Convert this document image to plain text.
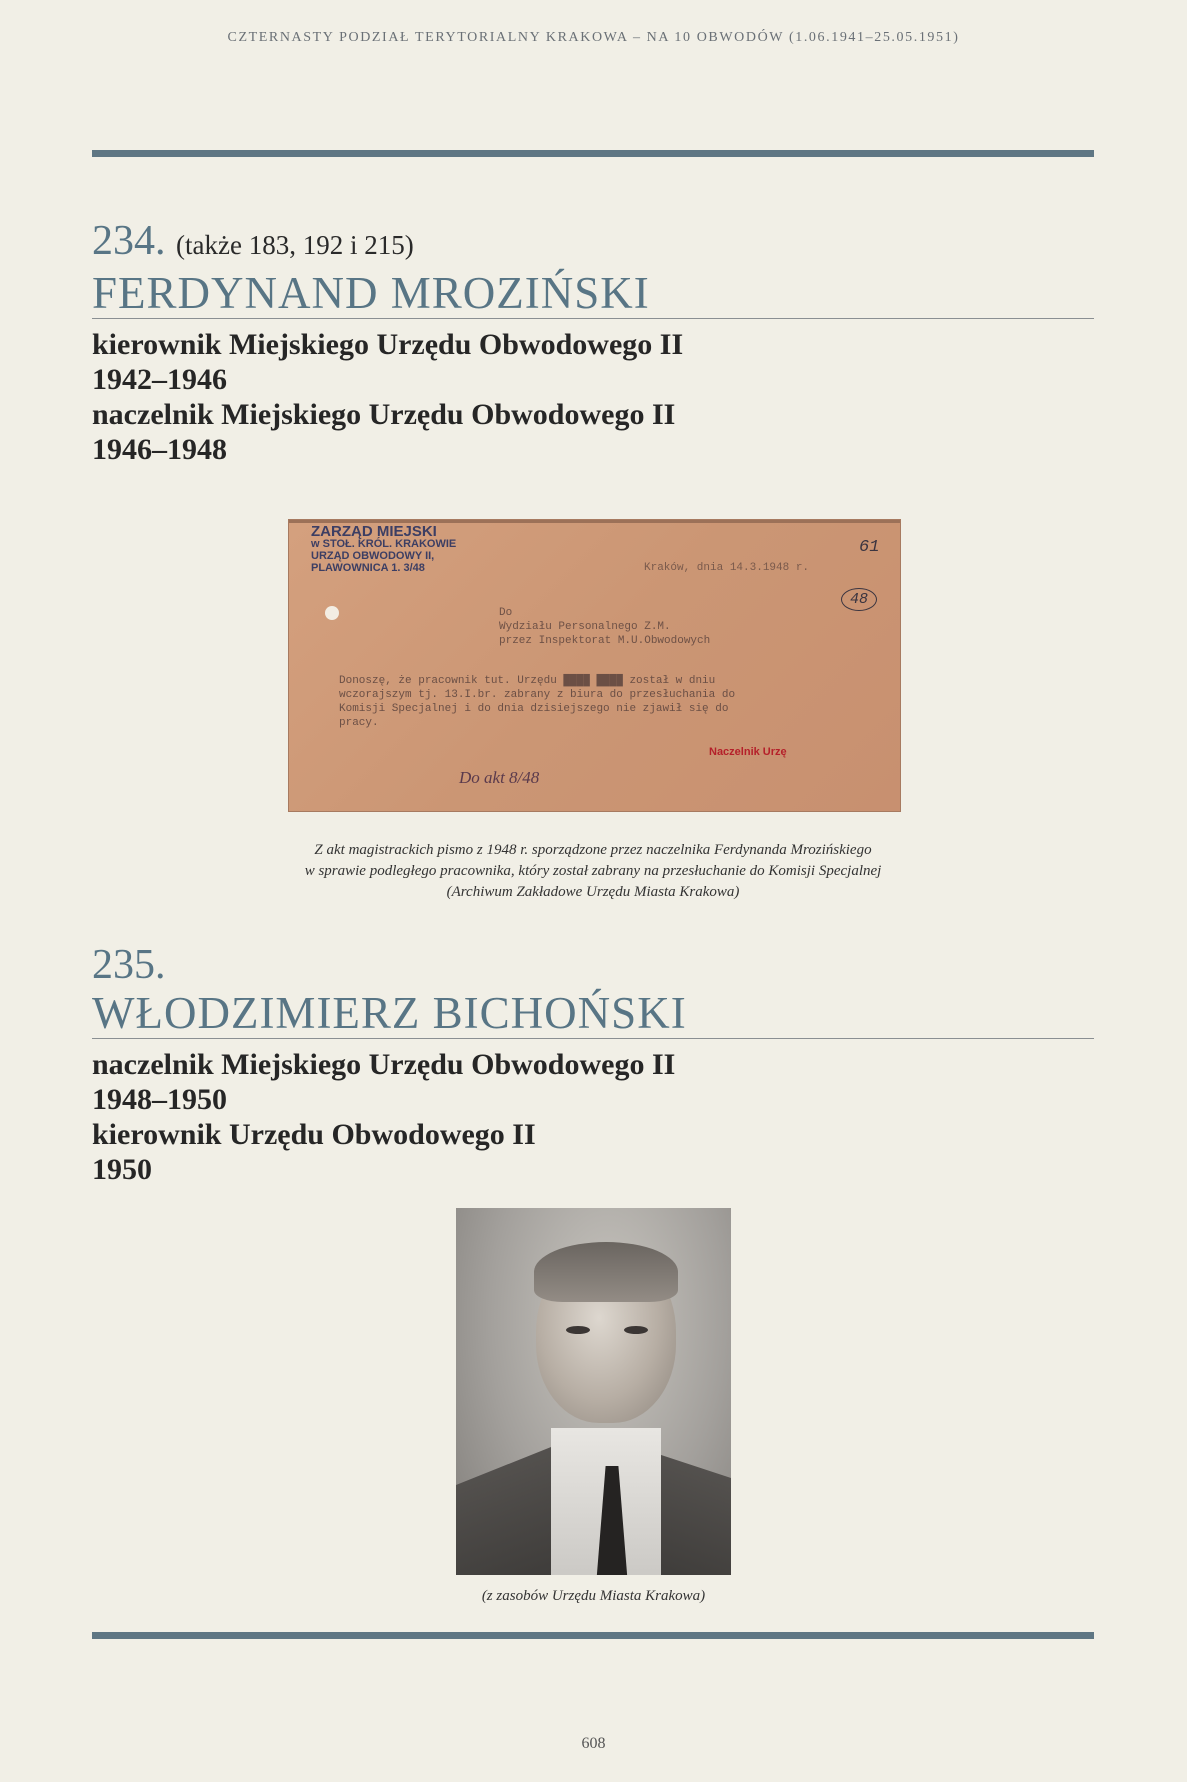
CZTERNASTY PODZIAŁ TERYTORIALNY KRAKOWA – NA 10 OBWODÓW (1.06.1941–25.05.1951)
234. (także 183, 192 i 215)
FERDYNAND MROZIŃSKI
kierownik Miejskiego Urzędu Obwodowego II
1942–1946
naczelnik Miejskiego Urzędu Obwodowego II
1946–1948
ZARZĄD MIEJSKI
w STOŁ. KRÓL. KRAKOWIE
URZĄD OBWODOWY II,
PLAWOWNICA 1. 3/48
61
Kraków, dnia 14.3.1948 r.
48
Do
Wydziału Personalnego Z.M.
przez Inspektorat M.U.Obwodowych
Donoszę, że pracownik tut. Urzędu ████ ████ został w dniu
wczorajszym tj. 13.I.br. zabrany z biura do przesłuchania do
Komisji Specjalnej i do dnia dzisiejszego nie zjawił się do
pracy.
Naczelnik Urzę
Do akt 8/48
Z akt magistrackich pismo z 1948 r. sporządzone przez naczelnika Ferdynanda Mrozińskiego
w sprawie podległego pracownika, który został zabrany na przesłuchanie do Komisji Specjalnej
(Archiwum Zakładowe Urzędu Miasta Krakowa)
235.
WŁODZIMIERZ BICHOŃSKI
naczelnik Miejskiego Urzędu Obwodowego II
1948–1950
kierownik Urzędu Obwodowego II
1950
(z zasobów Urzędu Miasta Krakowa)
608
